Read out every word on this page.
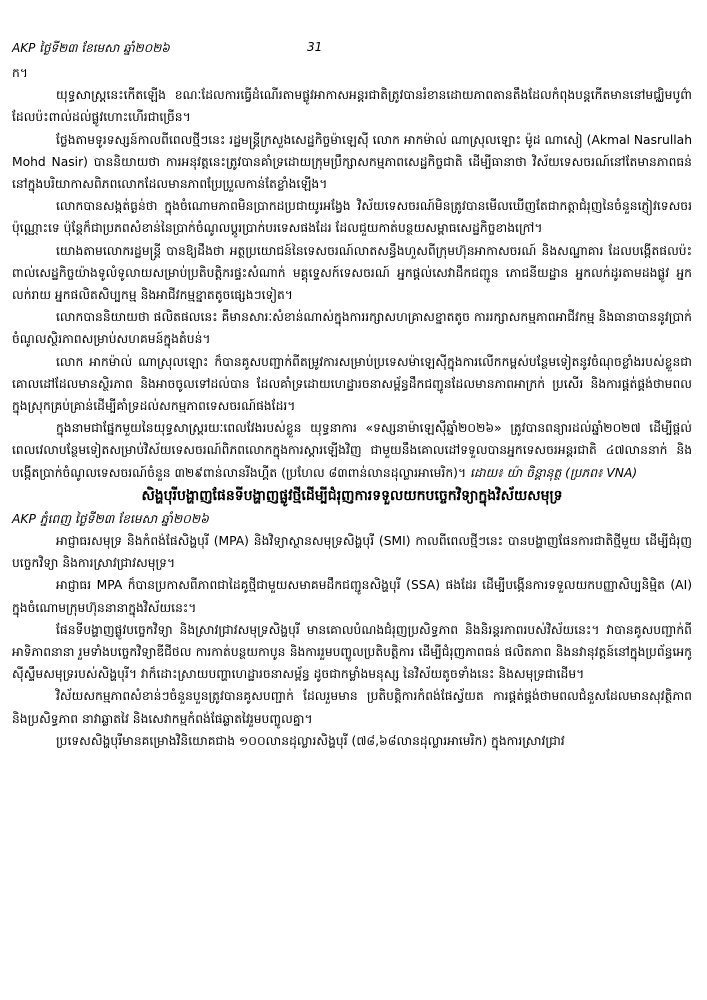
AKP ថ្ងៃទី២៣ ខែមេសា ឆ្នាំ២០២៦	31

ក។

យុទ្ធសាស្ត្រនេះកើតឡើង ខណៈដែលការធ្វើដំណើរតាមផ្លូវអាកាសអន្តរជាតិត្រូវបានរំខានដោយភាពតានតឹងដែលកំពុងបន្តកើតមាននៅមជ្ឈិមបូព៌ា ដែលប៉ះពាល់ដល់ផ្លូវហោះហើរជាច្រើន។

ថ្លែងតាមទូរទស្សន៍កាលពីពេលថ្មីៗនេះ រដ្ឋមន្ត្រីក្រសួងសេដ្ឋកិច្ចម៉ាឡេស៊ី លោក អាកម៉ាល់ ណាស្រុលឡោះ ម៉ូដ ណាសៀ (Akmal Nasrullah Mohd Nasir) បាននិយាយថា ការអនុវត្តនេះត្រូវបានគាំទ្រដោយក្រុមប្រឹក្សាសកម្មភាពសេដ្ឋកិច្ចជាតិ ដើម្បីធានាថា វិស័យទេសចរណ៍នៅតែមានភាពធន់នៅក្នុងបរិយាកាសពិភពលោកដែលមានភាពប្រែប្រួលកាន់តែខ្លាំងឡើង។

លោកបានសង្កត់ធ្ងន់ថា ក្នុងចំណោមភាពមិនប្រាកដប្រជាយូរអង្វែង វិស័យទេសចរណ៍មិនត្រូវបានមើលឃើញតែជាកត្តាជំរុញនៃចំនួនភ្ញៀវទេសចរប៉ុណ្ណោះទេ ប៉ុន្តែក៏ជាប្រភពសំខាន់នៃប្រាក់ចំណូលប្តូរប្រាក់បរទេសផងដែរ ដែលជួយកាត់បន្ថយសម្ពាធសេដ្ឋកិច្ចខាងក្រៅ។

យោងតាមលោករដ្ឋមន្ត្រី បានឱ្យដឹងថា អត្ថប្រយោជន៍នៃទេសចរណ៍លាតសន្ធឹងហួសពីក្រុមហ៊ុនអាកាសចរណ៍ និងសណ្ឋាគារ ដែលបង្កើតផលប៉ះពាល់សេដ្ឋកិច្ចយ៉ាងទូលំទូលាយសម្រាប់ប្រតិបត្តិករផ្ទះសំណាក់ មគ្គុទ្ទេសក៍ទេសចរណ៍ អ្នកផ្តល់សេវាដឹកជញ្ជូន ភោជនីយដ្ឋាន អ្នកលក់ដូរតាមដងផ្លូវ អ្នកលក់រាយ អ្នកផលិតសិប្បកម្ម និងអាជីវកម្មខ្នាតតូចផ្សេងៗទៀត។

លោកបាននិយាយថា ផលិតផលនេះ គឺមានសារៈសំខាន់ណាស់ក្នុងការរក្សាសហគ្រាសខ្នាតតូច ការរក្សាសកម្មភាពអាជីវកម្ម និងធានាបាននូវប្រាក់ចំណូលស្ថិរភាពសម្រាប់សហគមន៍ក្នុងតំបន់។

លោក អាកម៉ាល់ ណាស្រុលឡោះ ក៏បានគូសបញ្ជាក់ពីតម្រូវការសម្រាប់ប្រទេសម៉ាឡេស៊ីក្នុងការលើកកម្ពស់បន្ថែមទៀតនូវចំណុចខ្លាំងរបស់ខ្លួនជាគោលដៅដែលមានស្ថិរភាព និងអាចចូលទៅដល់បាន ដែលគាំទ្រដោយហេដ្ឋារចនាសម្ព័ន្ធដឹកជញ្ជូនដែលមានភាពអាក្រក់ ប្រសើរ និងការផ្គត់ផ្គង់ថាមពលក្នុងស្រុកគ្រប់គ្រាន់ដើម្បីគាំទ្រដល់សកម្មភាពទេសចរណ៍ផងដែរ។

ក្នុងនាមជាផ្នែកមួយនៃយុទ្ធសាស្ត្ររយៈពេលវែងរបស់ខ្លួន យុទ្ធនាការ «ទស្សនាម៉ាឡេស៊ីឆ្នាំ២០២៦» ត្រូវបានពន្យារដល់ឆ្នាំ២០២៧ ដើម្បីផ្តល់ពេលវេលាបន្ថែមទៀតសម្រាប់វិស័យទេសចរណ៍ពិភពលោកក្នុងការស្តារឡើងវិញ ជាមួយនឹងគោលដៅទទួលបានអ្នកទេសចរអន្តរជាតិ ៤៧លាននាក់ និងបង្កើតប្រាក់ចំណូលទេសចរណ៍ចំនួន ៣២៩ពាន់លានរីងហ្គីត (ប្រហែល ៨៣ពាន់លានដុល្លារអាមេរិក)។ ដោយ៖ យ៉ា ចិន្តានុត្ថ (ប្រភព៖ VNA)

សិង្ហបុរីបង្ហាញផែនទីបង្ហាញផ្លូវថ្មីដើម្បីជំរុញការទទួលយកបច្ចេកវិទ្យាក្នុងវិស័យសមុទ្រ

AKP ភ្នំពេញ ថ្ងៃទី២៣ ខែមេសា ឆ្នាំ២០២៦

អាជ្ញាធរសមុទ្រ និងកំពង់ផែសិង្ហបុរី (MPA) និងវិទ្យាស្ថានសមុទ្រសិង្ហបុរី (SMI) កាលពីពេលថ្មីៗនេះ បានបង្ហាញផែនការជាតិថ្មីមួយ ដើម្បីជំរុញបច្ចេកវិទ្យា និងការស្រាវជ្រាវសមុទ្រ។

អាជ្ញាធរ MPA ក៏បានប្រកាសពីភាពជាដៃគូថ្មីជាមួយសមាគមដឹកជញ្ជូនសិង្ហបុរី (SSA) ផងដែរ ដើម្បីបង្កើនការទទួលយកបញ្ញាសិប្បនិម្មិត (AI) ក្នុងចំណោមក្រុមហ៊ុននានាក្នុងវិស័យនេះ។

ផែនទីបង្ហាញផ្លូវបច្ចេកវិទ្យា និងស្រាវជ្រាវសមុទ្រសិង្ហបុរី មានគោលបំណងជំរុញប្រសិទ្ធភាព និងនិរន្តរភាពរបស់វិស័យនេះ។ វាបានគូសបញ្ជាក់ពីអាទិភាពនានា រួមទាំងបច្ចេកវិទ្យាឌីជីថល ការកាត់បន្ថយកាបូន និងការរួមបញ្ចូលប្រតិបត្តិការ ដើម្បីជំរុញភាពធន់ ផលិតភាព និងនវានុវត្តន៍នៅក្នុងប្រព័ន្ធអេកូស៊ីស្ទឹមសមុទ្ររបស់សិង្ហបុរី។ វាក៏ដោះស្រាយបញ្ហាហេដ្ឋារចនាសម្ព័ន្ធ ដូចជាកម្លាំងមនុស្ស នៃវិស័យតូចទាំងនេះ និងសមុទ្រជាដើម។

វិស័យសកម្មភាពសំខាន់ៗចំនួនបួនត្រូវបានគូសបញ្ជាក់ ដែលរួមមាន ប្រតិបត្តិការកំពង់ផែស្វ័យត ការផ្គត់ផ្គង់ថាមពលជំនួសដែលមានសុវត្ថិភាព និងប្រសិទ្ធភាព នាវាឆ្លាតវៃ និងសេវាកម្មកំពង់ផែឆ្លាតវៃរួមបញ្ចូលគ្នា។

ប្រទេសសិង្ហបុរីមានគម្រោងវិនិយោគជាង ១០០លានដុល្លារសិង្ហបុរី (៧៨,៦៨លានដុល្លារអាមេរិក) ក្នុងការស្រាវជ្រាវ
